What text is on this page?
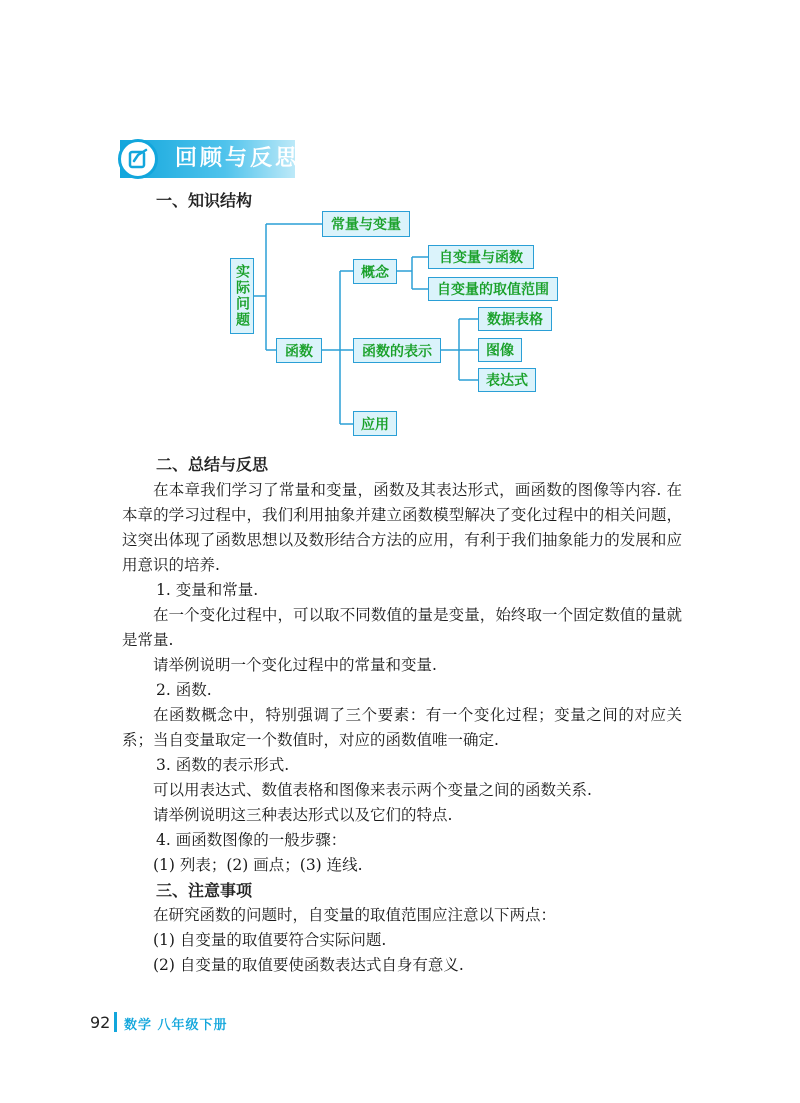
回顾与反思
一、知识结构
实际问题
常量与变量
函数
概念
自变量与函数
自变量的取值范围
函数的表示
数据表格
图像
表达式
应用
二、总结与反思
在本章我们学习了常量和变量，函数及其表达形式，画函数的图像等内容. 在本章的学习过程中，我们利用抽象并建立函数模型解决了变化过程中的相关问题，这突出体现了函数思想以及数形结合方法的应用，有利于我们抽象能力的发展和应用意识的培养.
1. 变量和常量.
在一个变化过程中，可以取不同数值的量是变量，始终取一个固定数值的量就是常量.
请举例说明一个变化过程中的常量和变量.
2. 函数.
在函数概念中，特别强调了三个要素：有一个变化过程；变量之间的对应关系；当自变量取定一个数值时，对应的函数值唯一确定.
3. 函数的表示形式.
可以用表达式、数值表格和图像来表示两个变量之间的函数关系.
请举例说明这三种表达形式以及它们的特点.
4. 画函数图像的一般步骤：
(1) 列表；(2) 画点；(3) 连线.
三、注意事项
在研究函数的问题时，自变量的取值范围应注意以下两点：
(1) 自变量的取值要符合实际问题.
(2) 自变量的取值要使函数表达式自身有意义.
92 数学 八年级下册
